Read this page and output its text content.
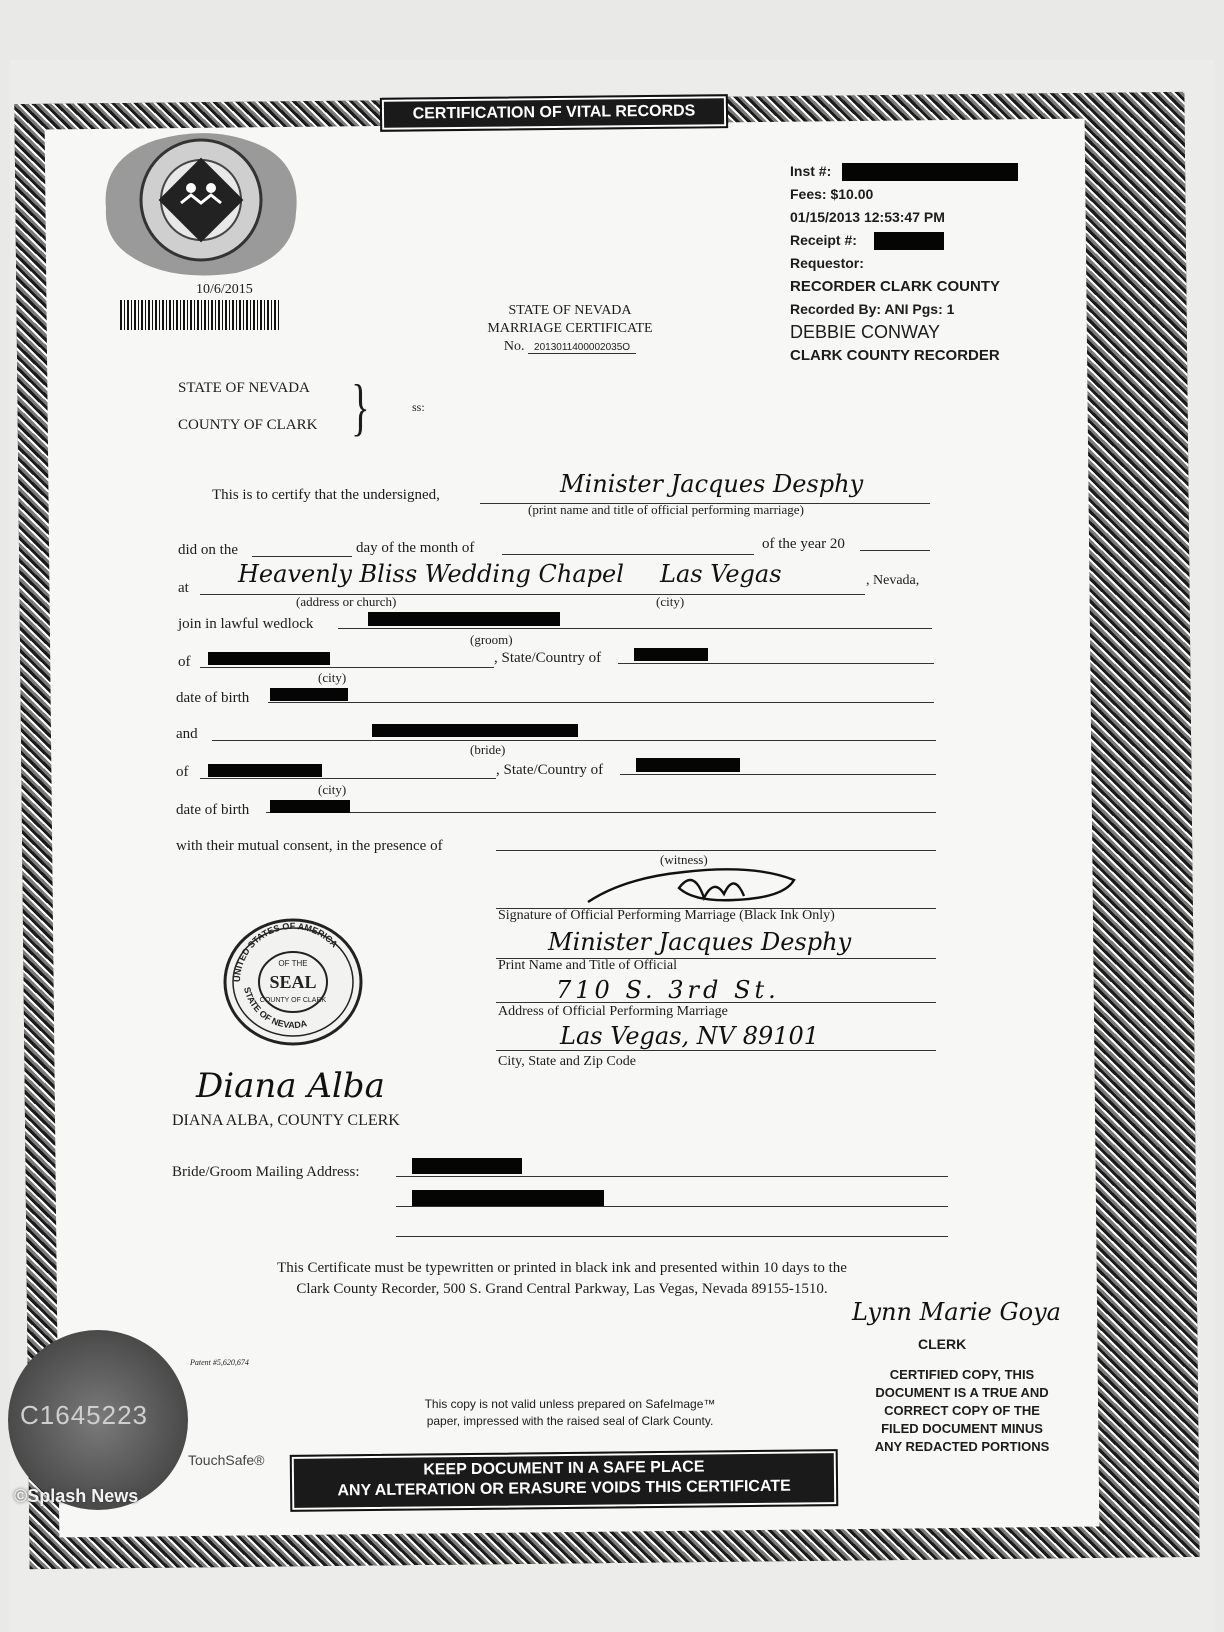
CERTIFICATION OF VITAL RECORDS
10/6/2015
Inst #:
Fees: $10.00
01/15/2013 12:53:47 PM
Receipt #:
Requestor:
RECORDER CLARK COUNTY
Recorded By: ANI Pgs: 1
DEBBIE CONWAY
CLARK COUNTY RECORDER
STATE OF NEVADA
MARRIAGE CERTIFICATE
No. 2013011400002035O
STATE OF NEVADA
COUNTY OF CLARK }	ss:
This is to certify that the undersigned,	Minister Jacques Desphy
(print name and title of official performing marriage)
did on the	day of the month of	of the year 20
at Heavenly Bliss Wedding Chapel Las Vegas	, Nevada,
(address or church)	(city)
join in lawful wedlock
(groom)
of	, State/Country of
(city)
date of birth
and
(bride)
of	, State/Country of
(city)
date of birth
with their mutual consent, in the presence of
(witness)
Signature of Official Performing Marriage (Black Ink Only)
Minister Jacques Desphy
Print Name and Title of Official
710 S. 3rd St.
Address of Official Performing Marriage
Las Vegas, NV 89101
City, State and Zip Code
UNITED STATES OF AMERICA
STATE OF NEVADA
OF THE
SEAL
COUNTY OF CLARK
Diana Alba
DIANA ALBA, COUNTY CLERK
Bride/Groom Mailing Address:
This Certificate must be typewritten or printed in black ink and presented within 10 days to the
Clark County Recorder, 500 S. Grand Central Parkway, Las Vegas, Nevada 89155-1510.
Lynn Marie Goya
CLERK
CERTIFIED COPY, THIS
DOCUMENT IS A TRUE AND
CORRECT COPY OF THE
FILED DOCUMENT MINUS
ANY REDACTED PORTIONS
Patent #5,620,674
This copy is not valid unless prepared on SafeImage™
paper, impressed with the raised seal of Clark County.
C1645223
TouchSafe®	KEEP DOCUMENT IN A SAFE PLACE
ANY ALTERATION OR ERASURE VOIDS THIS CERTIFICATE
©Splash News
